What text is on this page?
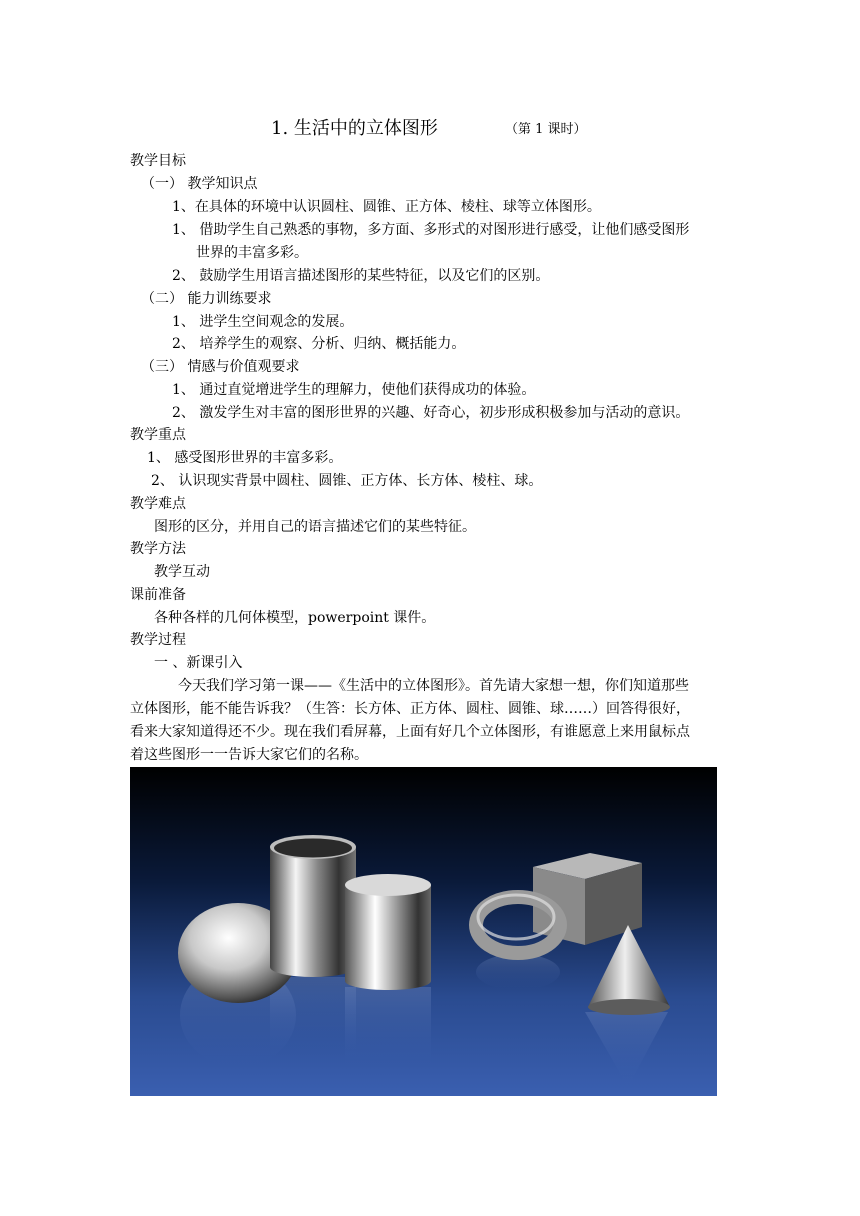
1. 生活中的立体图形	（第 1 课时）
教学目标
（一） 教学知识点
1、在具体的环境中认识圆柱、圆锥、正方体、棱柱、球等立体图形。
1、 借助学生自己熟悉的事物，多方面、多形式的对图形进行感受，让他们感受图形
世界的丰富多彩。
2、 鼓励学生用语言描述图形的某些特征，以及它们的区别。
（二） 能力训练要求
1、 进学生空间观念的发展。
2、 培养学生的观察、分析、归纳、概括能力。
（三） 情感与价值观要求
1、 通过直觉增进学生的理解力，使他们获得成功的体验。
2、 激发学生对丰富的图形世界的兴趣、好奇心，初步形成积极参加与活动的意识。
教学重点
1、 感受图形世界的丰富多彩。
2、 认识现实背景中圆柱、圆锥、正方体、长方体、棱柱、球。
教学难点
图形的区分，并用自己的语言描述它们的某些特征。
教学方法
教学互动
课前准备
各种各样的几何体模型，powerpoint 课件。
教学过程
一 、新课引入
今天我们学习第一课——《生活中的立体图形》。首先请大家想一想，你们知道那些
立体图形，能不能告诉我？（生答：长方体、正方体、圆柱、圆锥、球……）回答得很好，
看来大家知道得还不少。现在我们看屏幕，上面有好几个立体图形，有谁愿意上来用鼠标点
着这些图形一一告诉大家它们的名称。
